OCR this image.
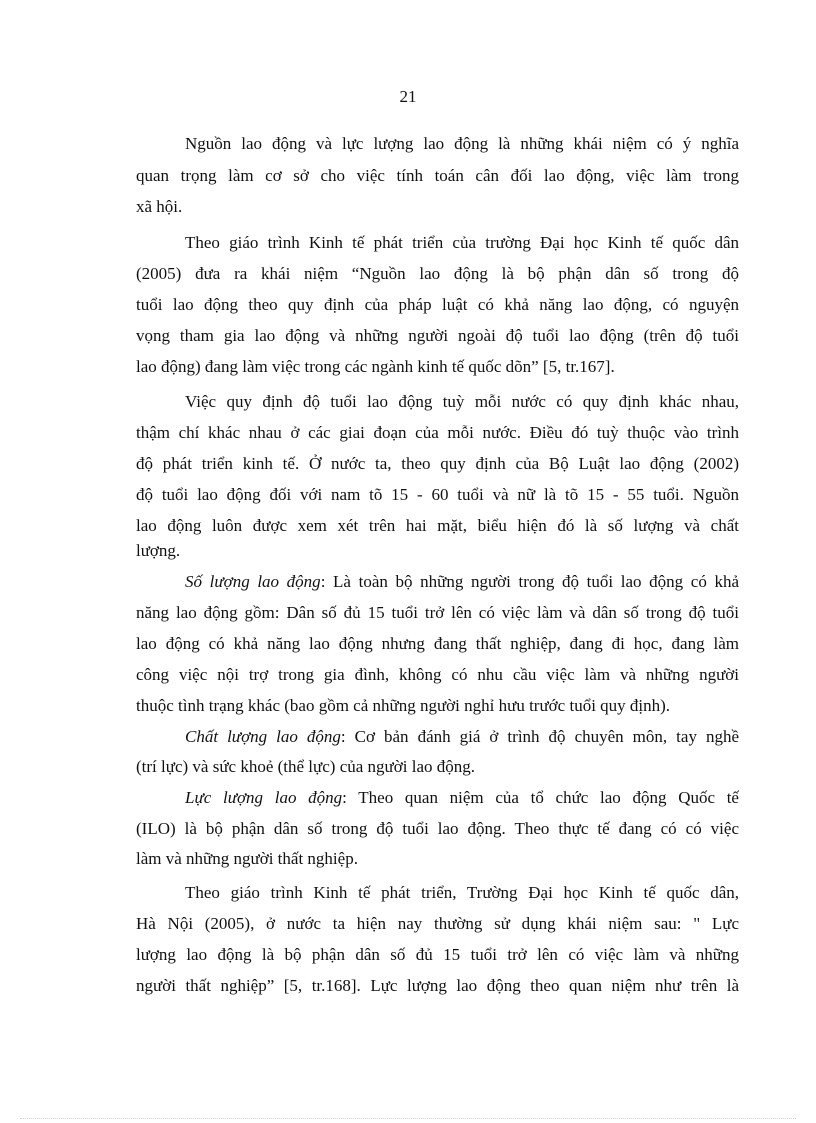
21
Nguồn lao động và lực lượng lao động là những khái niệm có ý nghĩa
quan trọng làm cơ sở cho việc tính toán cân đối lao động, việc làm trong
xã hội.
Theo giáo trình Kinh tế phát triển của trường Đại học Kinh tế quốc dân
(2005) đưa ra khái niệm “Nguồn lao động là bộ phận dân số trong độ
tuổi lao động theo quy định của pháp luật có khả năng lao động, có nguyện
vọng tham gia lao động và những người ngoài độ tuổi lao động (trên độ tuổi
lao động) đang làm việc trong các ngành kinh tế quốc dõn” [5, tr.167].
Việc quy định độ tuổi lao động tuỳ mỗi nước có quy định khác nhau,
thậm chí khác nhau ở các giai đoạn của mỗi nước. Điều đó tuỳ thuộc vào trình
độ phát triển kinh tế. Ở nước ta, theo quy định của Bộ Luật lao động (2002)
độ tuổi lao động đối với nam tõ 15 - 60 tuổi và nữ là tõ 15 - 55 tuổi. Nguồn
lao động luôn được xem xét trên hai mặt, biểu hiện đó là số lượng và chất
lượng.
Số lượng lao động: Là toàn bộ những người trong độ tuổi lao động có khả
năng lao động gồm: Dân số đủ 15 tuổi trở lên có việc làm và dân số trong độ tuổi
lao động có khả năng lao động nhưng đang thất nghiệp, đang đi học, đang làm
công việc nội trợ trong gia đình, không có nhu cầu việc làm và những người
thuộc tình trạng khác (bao gồm cả những người nghỉ hưu trước tuổi quy định).
Chất lượng lao động: Cơ bản đánh giá ở trình độ chuyên môn, tay nghề
(trí lực) và sức khoẻ (thể lực) của người lao động.
Lực lượng lao động: Theo quan niệm của tổ chức lao động Quốc tế
(ILO) là bộ phận dân số trong độ tuổi lao động. Theo thực tế đang có có việc
làm và những người thất nghiệp.
Theo giáo trình Kinh tế phát triển, Trường Đại học Kinh tế quốc dân,
Hà Nội (2005), ở nước ta hiện nay thường sử dụng khái niệm sau: " Lực
lượng lao động là bộ phận dân số đủ 15 tuổi trở lên có việc làm và những
người thất nghiệp” [5, tr.168]. Lực lượng lao động theo quan niệm như trên là
